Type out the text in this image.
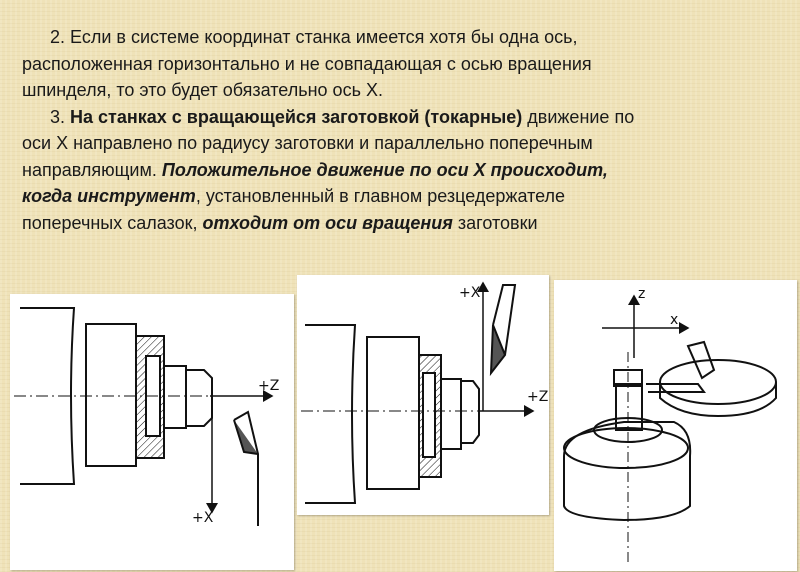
2. Если в системе координат станка имеется хотя бы одна ось,

расположенная горизонтально и не совпадающая с осью вращения

шпинделя, то это будет обязательно ось X.

3. На станках с вращающейся заготовкой (токарные) движение по

оси X направлено по радиусу заготовки и параллельно поперечным

направляющим. Положительное движение по оси X происходит,

когда инструмент, установленный в главном резцедержателе

поперечных салазок, отходит от оси вращения заготовки

+Z
+X
+X
+Z
z
x
